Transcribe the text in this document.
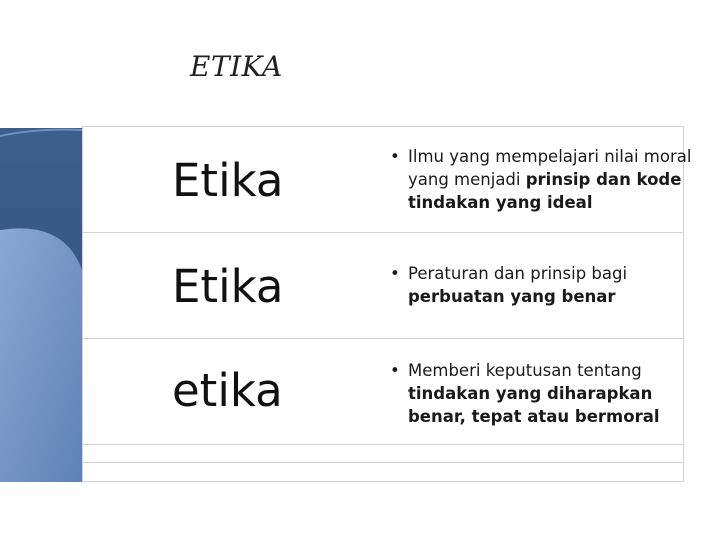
ETIKA
Etika	• Ilmu yang mempelajari nilai moral yang menjadi prinsip dan kode tindakan yang ideal
Etika	• Peraturan dan prinsip bagi perbuatan yang benar
etika	• Memberi keputusan tentang tindakan yang diharapkan benar, tepat atau bermoral
